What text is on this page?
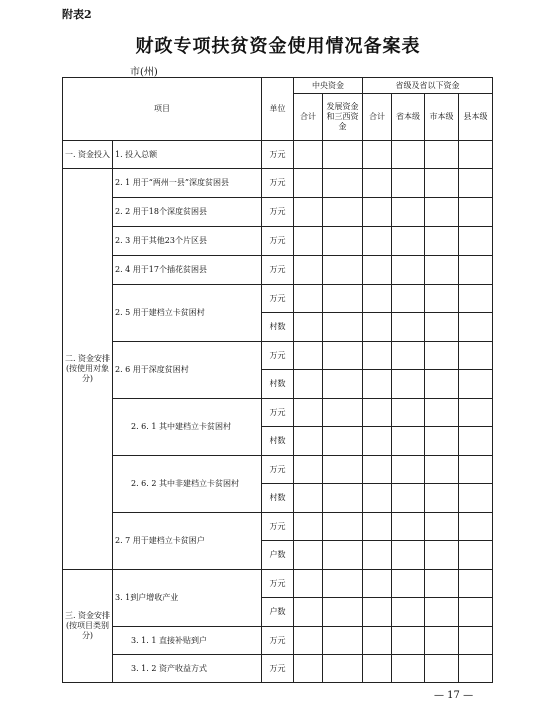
附表2
财政专项扶贫资金使用情况备案表
市(州)
项目		单位	中央资金		省级及省以下资金			
			合计	发展资金和三西资金	合计	省本级	市本级	县本级
一. 资金投入	1. 投入总额	万元						
二. 资金安排 (按使用对象分)	2. 1 用于“两州一县”深度贫困县	万元						
	2. 2 用于18个深度贫困县	万元						
	2. 3 用于其他23个片区县	万元						
	2. 4 用于17个插花贫困县	万元						
	2. 5 用于建档立卡贫困村	万元						
		村数						
	2. 6 用于深度贫困村	万元						
		村数						
	2. 6. 1 其中建档立卡贫困村	万元						
		村数						
	2. 6. 2 其中非建档立卡贫困村	万元						
		村数						
	2. 7 用于建档立卡贫困户	万元						
		户数						
三. 资金安排 (按项目类别分)	3. 1到户增收产业	万元						
		户数						
	3. 1. 1 直接补贴到户	万元						
	3. 1. 2 资产收益方式	万元						
— 17 —
